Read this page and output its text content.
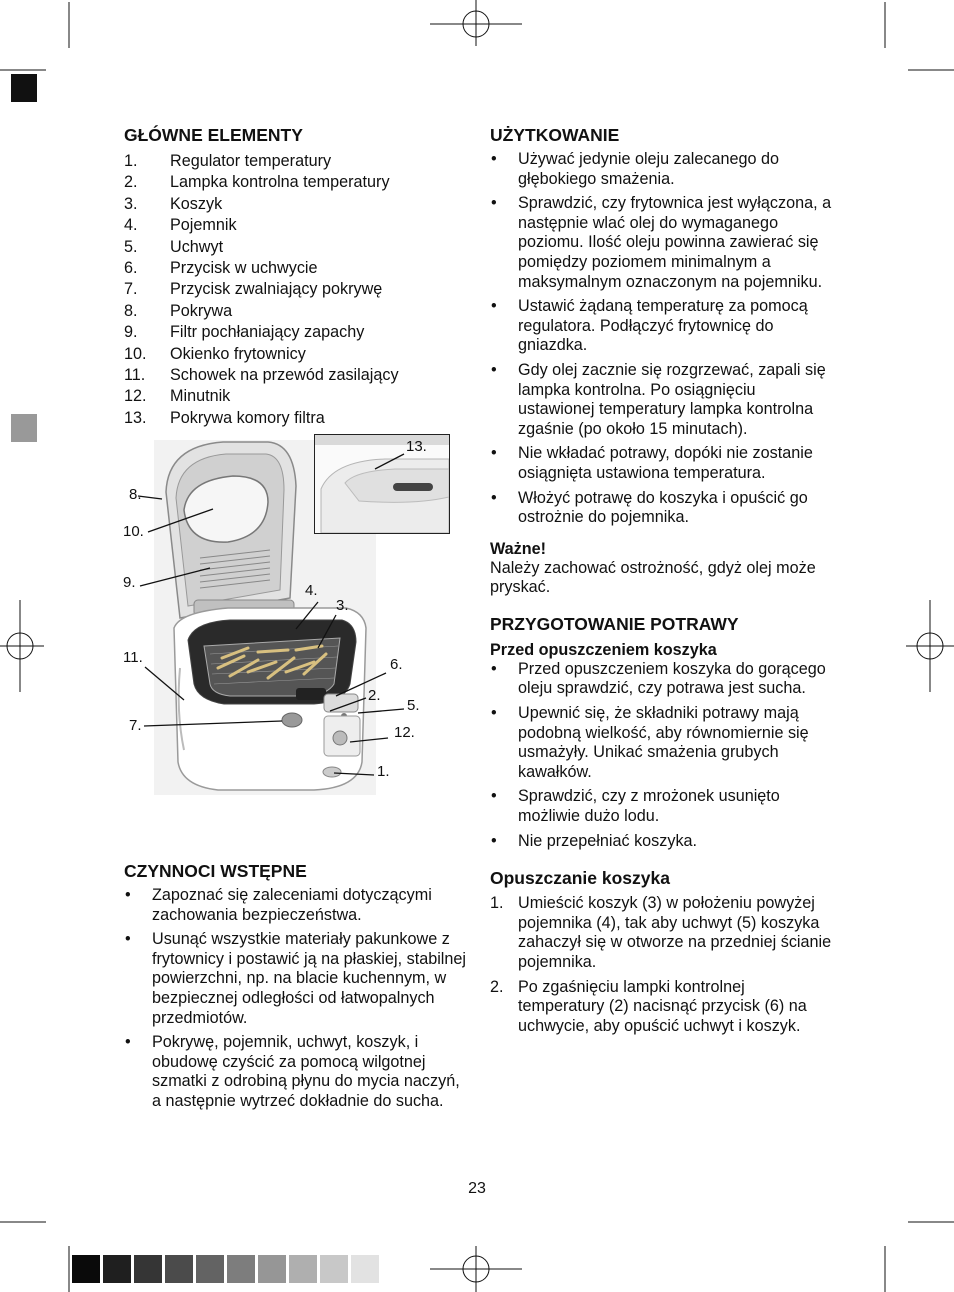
GŁÓWNE ELEMENTY
1. Regulator temperatury
2. Lampka kontrolna temperatury
3. Koszyk
4. Pojemnik
5. Uchwyt
6. Przycisk w uchwycie
7. Przycisk zwalniający pokrywę
8. Pokrywa
9. Filtr pochłaniający zapachy
10. Okienko frytownicy
11. Schowek na przewód zasilający
12. Minutnik
13. Pokrywa komory filtra
13.
8.
10.
9.	4.
3.
11.	6.
2.
5.
7.	12.
1.
CZYNNOCI WSTĘPNE
• Zapoznać się zaleceniami dotyczącymi zachowania bezpieczeństwa.
• Usunąć wszystkie materiały pakunkowe z frytownicy i postawić ją na płaskiej, stabilnej powierzchni, np. na blacie kuchennym, w bezpiecznej odległości od łatwopalnych przedmiotów.
• Pokrywę, pojemnik, uchwyt, koszyk, i obudowę czyścić za pomocą wilgotnej szmatki z odrobiną płynu do mycia naczyń, a następnie wytrzeć dokładnie do sucha.
UŻYTKOWANIE
• Używać jedynie oleju zalecanego do głębokiego smażenia.
• Sprawdzić, czy frytownica jest wyłączona, a następnie wlać olej do wymaganego poziomu. Ilość oleju powinna zawierać się pomiędzy poziomem minimalnym a maksymalnym oznaczonym na pojemniku.
• Ustawić żądaną temperaturę za pomocą regulatora. Podłączyć frytownicę do gniazdka.
• Gdy olej zacznie się rozgrzewać, zapali się lampka kontrolna. Po osiągnięciu ustawionej temperatury lampka kontrolna zgaśnie (po około 15 minutach).
• Nie wkładać potrawy, dopóki nie zostanie osiągnięta ustawiona temperatura.
• Włożyć potrawę do koszyka i opuścić go ostrożnie do pojemnika.
Ważne!
Należy zachować ostrożność, gdyż olej może pryskać.
PRZYGOTOWANIE POTRAWY
Przed opuszczeniem koszyka
• Przed opuszczeniem koszyka do gorącego oleju sprawdzić, czy potrawa jest sucha.
• Upewnić się, że składniki potrawy mają podobną wielkość, aby równomiernie się usmażyły. Unikać smażenia grubych kawałków.
• Sprawdzić, czy z mrożonek usunięto możliwie dużo lodu.
• Nie przepełniać koszyka.
Opuszczanie koszyka
1. Umieścić koszyk (3) w położeniu powyżej pojemnika (4), tak aby uchwyt (5) koszyka zahaczył się w otworze na przedniej ścianie pojemnika.
2. Po zgaśnięciu lampki kontrolnej temperatury (2) nacisnąć przycisk (6) na uchwycie, aby opuścić uchwyt i koszyk.
23
